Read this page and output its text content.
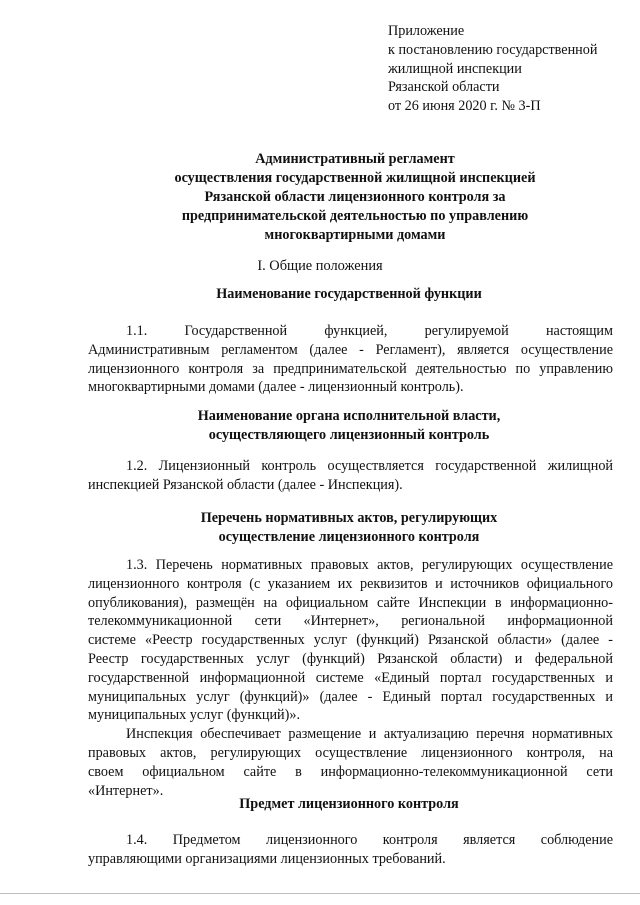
Приложение
к постановлению государственной
жилищной инспекции
Рязанской области
от 26 июня 2020 г. № 3-П
Административный регламент
осуществления государственной жилищной инспекцией
Рязанской области лицензионного контроля за
предпринимательской деятельностью по управлению
многоквартирными домами
I. Общие положения
Наименование государственной функции
1.1. Государственной функцией, регулируемой настоящим
Административным регламентом (далее - Регламент), является осуществление
лицензионного контроля за предпринимательской деятельностью по управлению
многоквартирными домами (далее - лицензионный контроль).
Наименование органа исполнительной власти,
осуществляющего лицензионный контроль
1.2. Лицензионный контроль осуществляется государственной жилищной
инспекцией Рязанской области (далее - Инспекция).
Перечень нормативных актов, регулирующих
осуществление лицензионного контроля
1.3. Перечень нормативных правовых актов, регулирующих осуществление
лицензионного контроля (с указанием их реквизитов и источников официального
опубликования), размещён на официальном сайте Инспекции в информационно-
телекоммуникационной сети «Интернет», региональной информационной
системе «Реестр государственных услуг (функций) Рязанской области» (далее -
Реестр государственных услуг (функций) Рязанской области) и федеральной
государственной информационной системе «Единый портал государственных и
муниципальных услуг (функций)» (далее - Единый портал государственных и
муниципальных услуг (функций)».
Инспекция обеспечивает размещение и актуализацию перечня нормативных
правовых актов, регулирующих осуществление лицензионного контроля, на
своем официальном сайте в информационно-телекоммуникационной сети
«Интернет».
Предмет лицензионного контроля
1.4. Предметом лицензионного контроля является соблюдение
управляющими организациями лицензионных требований.
